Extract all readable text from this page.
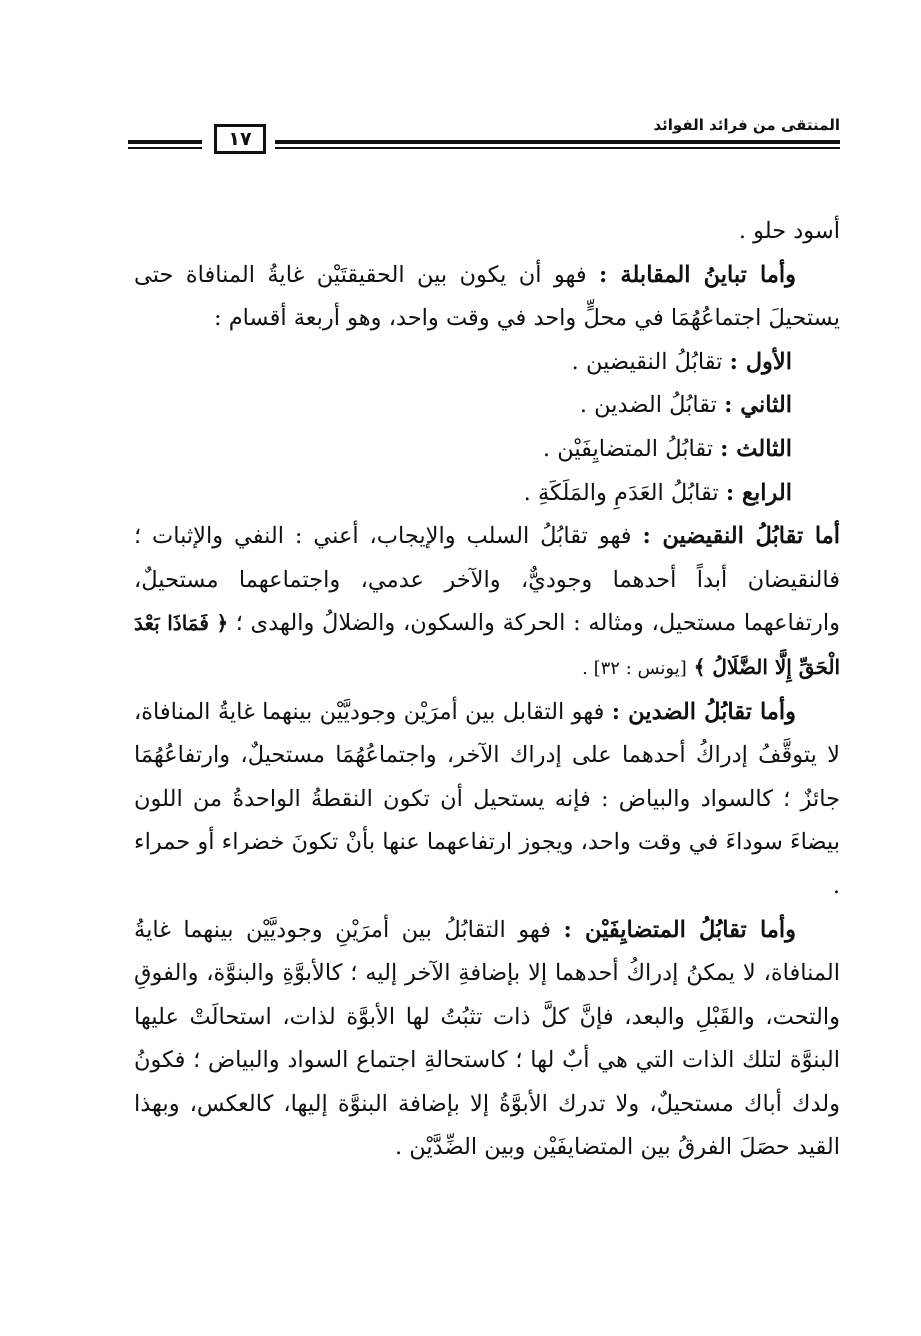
المنتقى من فرائد الفوائد
١٧

أسود حلو .

وأما تباينُ المقابلة : فهو أن يكون بين الحقيقتَيْن غايةُ المنافاة حتى يستحيلَ اجتماعُهُمَا في محلٍّ واحد في وقت واحد، وهو أربعة أقسام :

الأول : تقابُلُ النقيضين .

الثاني : تقابُلُ الضدين .

الثالث : تقابُلُ المتضايِفَيْن .

الرابع : تقابُلُ العَدَمِ والمَلَكَةِ .

أما تقابُلُ النقيضين : فهو تقابُلُ السلب والإيجاب، أعني : النفي والإثبات ؛ فالنقيضان أبداً أحدهما وجوديٌّ، والآخر عدمي، واجتماعهما مستحيلٌ، وارتفاعهما مستحيل، ومثاله : الحركة والسكون، والضلالُ والهدى ؛ ﴿ فَمَاذَا بَعْدَ الْحَقِّ إِلَّا الضَّلَالُ ﴾ [يونس : ٣٢] .

وأما تقابُلُ الضدين : فهو التقابل بين أمرَيْن وجوديَّيْن بينهما غايةُ المنافاة، لا يتوقَّفُ إدراكُ أحدهما على إدراك الآخر، واجتماعُهُمَا مستحيلٌ، وارتفاعُهُمَا جائزٌ ؛ كالسواد والبياض : فإنه يستحيل أن تكون النقطةُ الواحدةُ من اللون بيضاءَ سوداءَ في وقت واحد، ويجوز ارتفاعهما عنها بأنْ تكونَ خضراء أو حمراء .

وأما تقابُلُ المتضايِفَيْن : فهو التقابُلُ بين أمرَيْنِ وجوديَّيْن بينهما غايةُ المنافاة، لا يمكنُ إدراكُ أحدهما إلا بإضافةِ الآخر إليه ؛ كالأبوَّةِ والبنوَّة، والفوقِ والتحت، والقَبْلِ والبعد، فإنَّ كلَّ ذات تثبُتُ لها الأبوَّة لذات، استحالَتْ عليها البنوَّة لتلك الذات التي هي أبٌ لها ؛ كاستحالةِ اجتماع السواد والبياض ؛ فكونُ ولدك أباك مستحيلٌ، ولا تدرك الأبوَّةُ إلا بإضافة البنوَّة إليها، كالعكس، وبهذا القيد حصَلَ الفرقُ بين المتضايفَيْن وبين الضِّدَّيْن .
